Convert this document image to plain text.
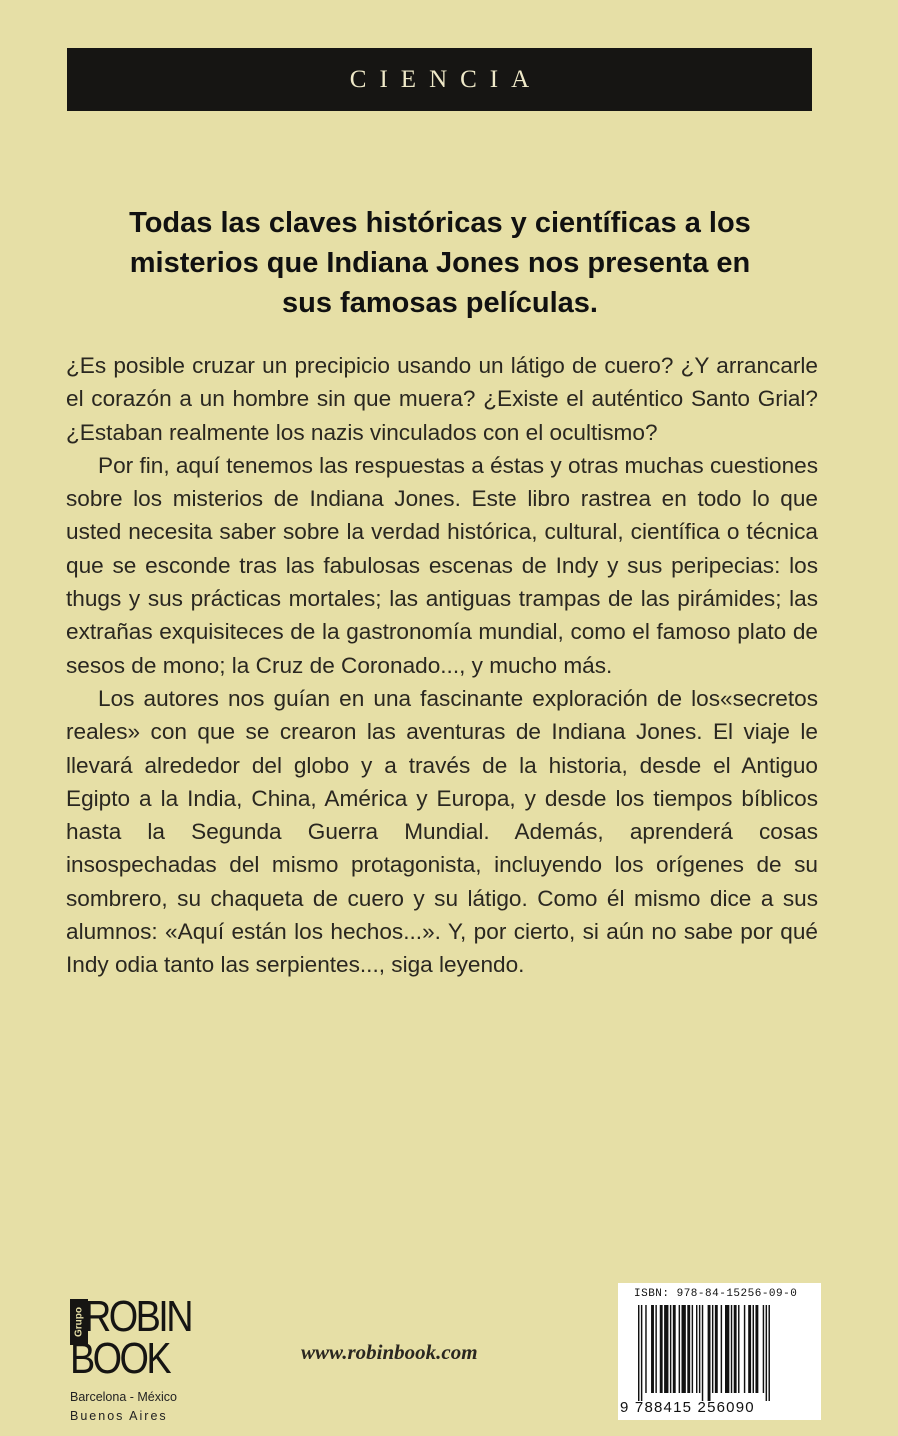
CIENCIA
Todas las claves históricas y científicas a los
misterios que Indiana Jones nos presenta en
sus famosas películas.

¿Es posible cruzar un precipicio usando un látigo de cuero? ¿Y arrancarle el corazón a un hombre sin que muera? ¿Existe el auténtico Santo Grial? ¿Estaban realmente los nazis vinculados con el ocultismo?

Por fin, aquí tenemos las respuestas a éstas y otras muchas cuestiones sobre los misterios de Indiana Jones. Este libro rastrea en todo lo que usted necesita saber sobre la verdad histórica, cultural, científica o técnica que se esconde tras las fabulosas escenas de Indy y sus peripecias: los thugs y sus prácticas mortales; las antiguas trampas de las pirámides; las extrañas exquisiteces de la gastronomía mundial, como el famoso plato de sesos de mono; la Cruz de Coronado..., y mucho más.

Los autores nos guían en una fascinante exploración de los«secretos reales» con que se crearon las aventuras de Indiana Jones. El viaje le llevará alrededor del globo y a través de la historia, desde el Antiguo Egipto a la India, China, América y Europa, y desde los tiempos bíblicos hasta la Segunda Guerra Mundial. Además, aprenderá cosas insospechadas del mismo protagonista, incluyendo los orígenes de su sombrero, su chaqueta de cuero y su látigo. Como él mismo dice a sus alumnos: «Aquí están los hechos...». Y, por cierto, si aún no sabe por qué Indy odia tanto las serpientes..., siga leyendo.

Grupo ROBIN
BOOK
Barcelona - México
Buenos Aires
www.robinbook.com
ISBN: 978-84-15256-09-0
9 788415 256090
